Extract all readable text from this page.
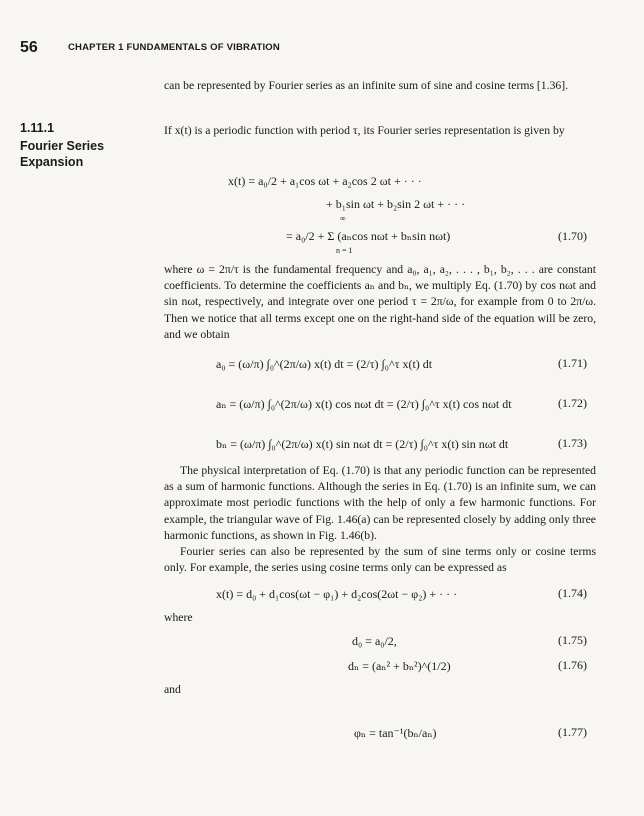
56	CHAPTER 1 FUNDAMENTALS OF VIBRATION
can be represented by Fourier series as an infinite sum of sine and cosine terms [1.36].
1.11.1
Fourier Series Expansion
If x(t) is a periodic function with period τ, its Fourier series representation is given by
x(t) = a₀/2 + a₁cos ωt + a₂cos 2 ωt + · · ·
+ b₁sin ωt + b₂sin 2 ωt + · · ·
= a₀/2 + Σ (aₙcos nωt + bₙsin nωt)
∞
n = 1
(1.70)
where ω = 2π/τ is the fundamental frequency and a₀, a₁, a₂, . . . , b₁, b₂, . . . are constant coefficients. To determine the coefficients aₙ and bₙ, we multiply Eq. (1.70) by cos nωt and sin nωt, respectively, and integrate over one period τ = 2π/ω, for example from 0 to 2π/ω. Then we notice that all terms except one on the right-hand side of the equation will be zero, and we obtain
a₀ = (ω/π) ∫₀^(2π/ω) x(t) dt = (2/τ) ∫₀^τ x(t) dt	(1.71)
aₙ = (ω/π) ∫₀^(2π/ω) x(t) cos nωt dt = (2/τ) ∫₀^τ x(t) cos nωt dt	(1.72)
bₙ = (ω/π) ∫₀^(2π/ω) x(t) sin nωt dt = (2/τ) ∫₀^τ x(t) sin nωt dt	(1.73)
The physical interpretation of Eq. (1.70) is that any periodic function can be represented as a sum of harmonic functions. Although the series in Eq. (1.70) is an infinite sum, we can approximate most periodic functions with the help of only a few harmonic functions. For example, the triangular wave of Fig. 1.46(a) can be represented closely by adding only three harmonic functions, as shown in Fig. 1.46(b).
Fourier series can also be represented by the sum of sine terms only or cosine terms only. For example, the series using cosine terms only can be expressed as
x(t) = d₀ + d₁cos(ωt − φ₁) + d₂cos(2ωt − φ₂) + · · ·	(1.74)
where
d₀ = a₀/2,	(1.75)
dₙ = (aₙ² + bₙ²)^(1/2)	(1.76)
and
φₙ = tan⁻¹(bₙ/aₙ)	(1.77)
